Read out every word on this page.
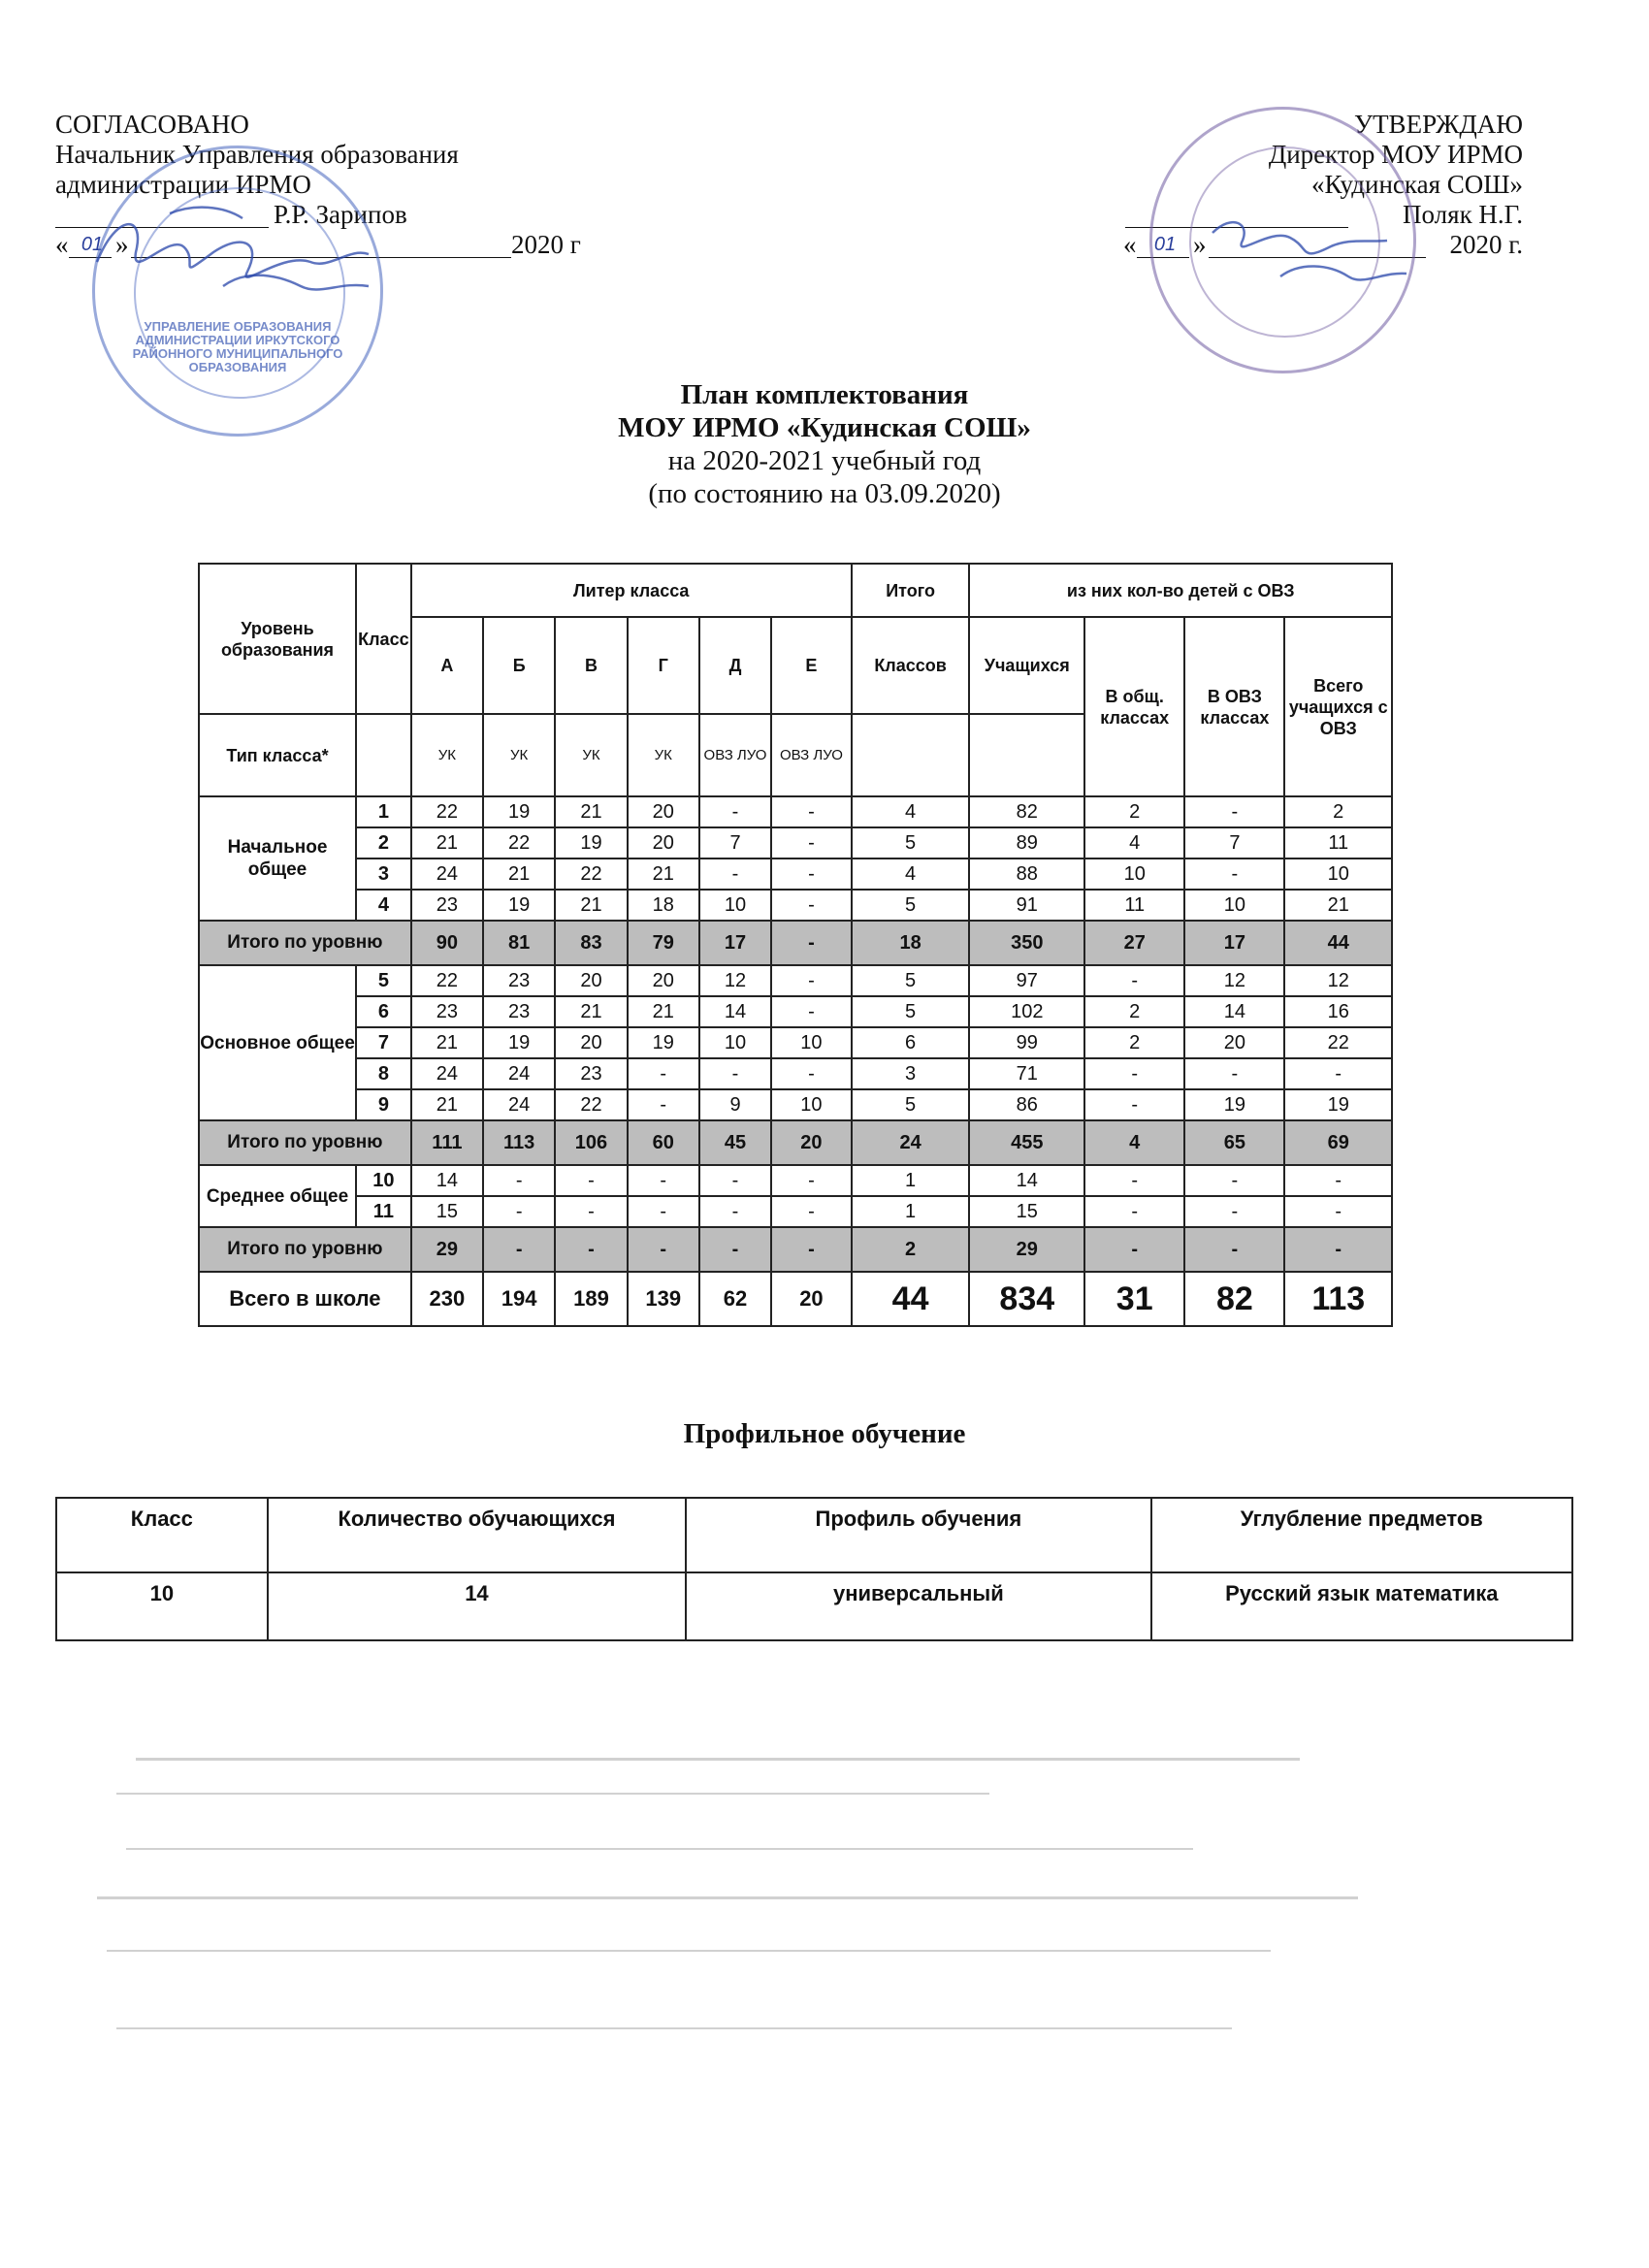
СОГЛАСОВАНО
Начальник Управления образования
администрации ИРМО
Р.Р. Зарипов
« 01 »	2020 г
УТВЕРЖДАЮ
Директор МОУ ИРМО
«Кудинская СОШ»
Поляк Н.Г.
« 01 »	2020 г.
УПРАВЛЕНИЕ ОБРАЗОВАНИЯ АДМИНИСТРАЦИИ ИРКУТСКОГО РАЙОННОГО МУНИЦИПАЛЬНОГО ОБРАЗОВАНИЯ
План комплектования
МОУ ИРМО «Кудинская СОШ»
на 2020-2021 учебный год
(по состоянию на 03.09.2020)
Уровень образования	Класс	Литер класса						Итого	из них кол-во детей с ОВЗ			
		А	Б	В	Г	Д	Е	Классов	Учащихся	В общ. классах	В ОВЗ классах	Всего учащихся с ОВЗ
Тип класса*		УК	УК	УК	УК	ОВЗ ЛУО	ОВЗ ЛУО					
Начальное общее	1	22	19	21	20	-	-	4	82	2	-	2
	2	21	22	19	20	7	-	5	89	4	7	11
	3	24	21	22	21	-	-	4	88	10	-	10
	4	23	19	21	18	10	-	5	91	11	10	21
Итого по уровню		90	81	83	79	17	-	18	350	27	17	44
Основное общее	5	22	23	20	20	12	-	5	97	-	12	12
	6	23	23	21	21	14	-	5	102	2	14	16
	7	21	19	20	19	10	10	6	99	2	20	22
	8	24	24	23	-	-	-	3	71	-	-	-
	9	21	24	22	-	9	10	5	86	-	19	19
Итого по уровню		111	113	106	60	45	20	24	455	4	65	69
Среднее общее	10	14	-	-	-	-	-	1	14	-	-	-
	11	15	-	-	-	-	-	1	15	-	-	-
Итого по уровню		29	-	-	-	-	-	2	29	-	-	-
Всего в школе		230	194	189	139	62	20	44	834	31	82	113
Профильное обучение
Класс	Количество обучающихся	Профиль обучения	Углубление предметов
10	14	универсальный	Русский язык математика
